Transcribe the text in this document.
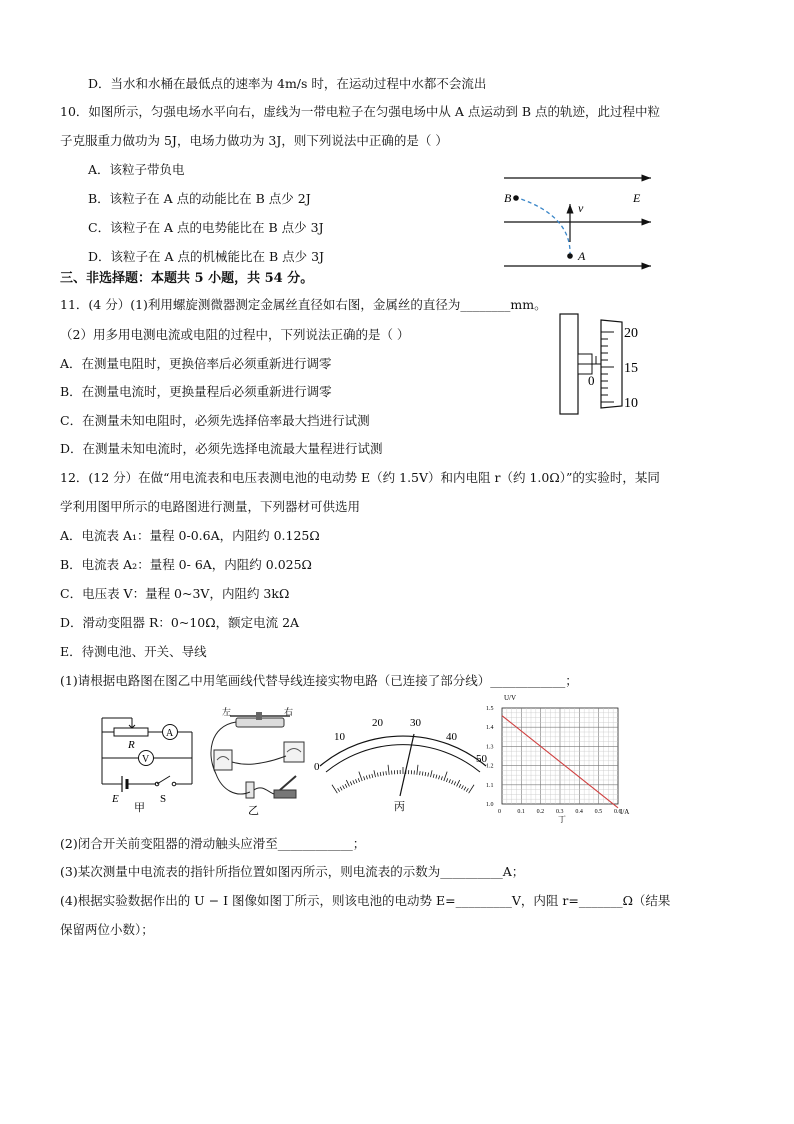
D．当水和水桶在最低点的速率为 4m/s 时，在运动过程中水都不会流出
10．如图所示，匀强电场水平向右，虚线为一带电粒子在匀强电场中从 A 点运动到 B 点的轨迹，此过程中粒
子克服重力做功为 5J，电场力做功为 3J，则下列说法中正确的是（ ）
A．该粒子带负电
B．该粒子在 A 点的动能比在 B 点少 2J
C．该粒子在 A 点的电势能比在 B 点少 3J
D．该粒子在 A 点的机械能比在 B 点少 3J
B
A
v
E
三、非选择题：本题共 5 小题，共 54 分。
11．(4 分）(1)利用螺旋测微器测定金属丝直径如右图，金属丝的直径为________mm。
（2）用多用电测电流或电阻的过程中，下列说法正确的是（ ）
A．在测量电阻时，更换倍率后必须重新进行调零
B．在测量电流时，更换量程后必须重新进行调零
C．在测量未知电阻时，必须先选择倍率最大挡进行试测
D．在测量未知电流时，必须先选择电流最大量程进行试测
20
15
10
0
12．(12 分）在做“用电流表和电压表测电池的电动势 E（约 1.5V）和内电阻 r（约 1.0Ω）”的实验时，某同
学利用图甲所示的电路图进行测量，下列器材可供选用
A．电流表 A₁：量程 0-0.6A，内阻约 0.125Ω
B．电流表 A₂：量程 0- 6A，内阻约 0.025Ω
C．电压表 V：量程 0~3V，内阻约 3kΩ
D．滑动变阻器 R：0~10Ω，额定电流 2A
E．待测电池、开关、导线
(1)请根据电路图在图乙中用笔画线代替导线连接实物电路（已连接了部分线）____________；
A
V
R
E	S
甲
左	右
乙
0
10
20 30
40
50
丙	0	0.1 0.2 0.3 0.4 0.5 0.6
1.0
1.1
1.2
1.3
1.4
1.5
U/V
I/A
丁
(2)闭合开关前变阻器的滑动触头应滑至____________；
(3)某次测量中电流表的指针所指位置如图丙所示，则电流表的示数为__________A；
(4)根据实验数据作出的 U − I 图像如图丁所示，则该电池的电动势 E=_________V，内阻 r=_______Ω（结果
保留两位小数）；
